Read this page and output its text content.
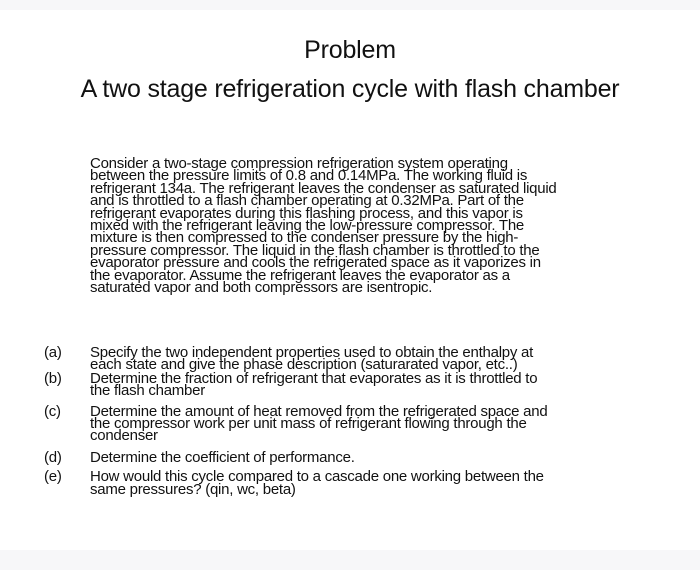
Problem
A two stage refrigeration cycle with flash chamber
Consider a two-stage compression refrigeration system operating
between the pressure limits of 0.8 and 0.14MPa. The working fluid is
refrigerant 134a. The refrigerant leaves the condenser as saturated liquid
and is throttled to a flash chamber operating at 0.32MPa. Part of the
refrigerant evaporates during this flashing process, and this vapor is
mixed with the refrigerant leaving the low-pressure compressor. The
mixture is then compressed to the condenser pressure by the high-
pressure compressor. The liquid in the flash chamber is throttled to the
evaporator pressure and cools the refrigerated space as it vaporizes in
the evaporator. Assume the refrigerant leaves the evaporator as a
saturated vapor and both compressors are isentropic.
(a)	Specify the two independent properties used to obtain the enthalpy at
each state and give the phase description (saturarated vapor, etc..)
(b)	Determine the fraction of refrigerant that evaporates as it is throttled to
the flash chamber
(c)	Determine the amount of heat removed from the refrigerated space and
the compressor work per unit mass of refrigerant flowing through the
condenser
(d)	Determine the coefficient of performance.
(e)	How would this cycle compared to a cascade one working between the
same pressures? (qin, wc, beta)
